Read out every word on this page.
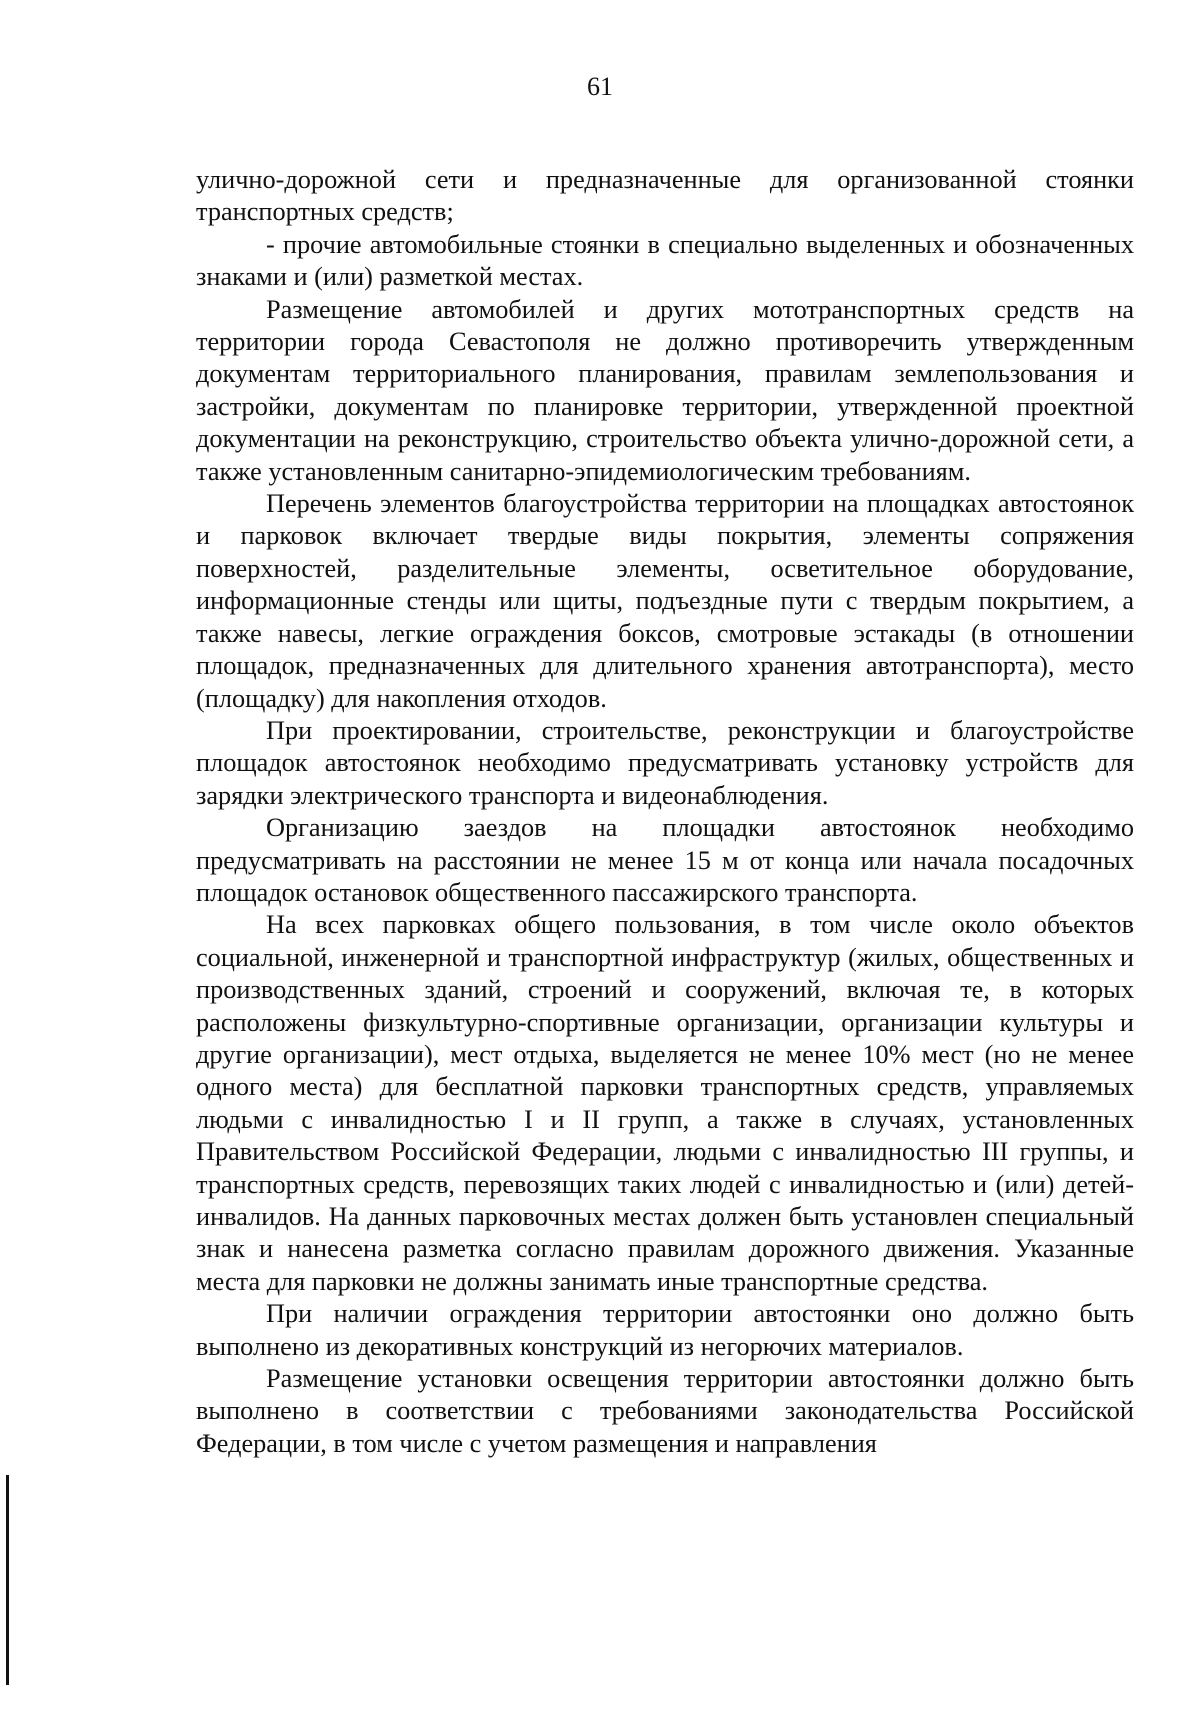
61

улично-дорожной сети и предназначенные для организованной стоянки транспортных средств;

- прочие автомобильные стоянки в специально выделенных и обозначенных знаками и (или) разметкой местах.

Размещение автомобилей и других мототранспортных средств на территории города Севастополя не должно противоречить утвержденным документам территориального планирования, правилам землепользования и застройки, документам по планировке территории, утвержденной проектной документации на реконструкцию, строительство объекта улично-дорожной сети, а также установленным санитарно-эпидемиологическим требованиям.

Перечень элементов благоустройства территории на площадках автостоянок и парковок включает твердые виды покрытия, элементы сопряжения поверхностей, разделительные элементы, осветительное оборудование, информационные стенды или щиты, подъездные пути с твердым покрытием, а также навесы, легкие ограждения боксов, смотровые эстакады (в отношении площадок, предназначенных для длительного хранения автотранспорта), место (площадку) для накопления отходов.

При проектировании, строительстве, реконструкции и благоустройстве площадок автостоянок необходимо предусматривать установку устройств для зарядки электрического транспорта и видеонаблюдения.

Организацию заездов на площадки автостоянок необходимо предусматривать на расстоянии не менее 15 м от конца или начала посадочных площадок остановок общественного пассажирского транспорта.

На всех парковках общего пользования, в том числе около объектов социальной, инженерной и транспортной инфраструктур (жилых, общественных и производственных зданий, строений и сооружений, включая те, в которых расположены физкультурно-спортивные организации, организации культуры и другие организации), мест отдыха, выделяется не менее 10% мест (но не менее одного места) для бесплатной парковки транспортных средств, управляемых людьми с инвалидностью I и II групп, а также в случаях, установленных Правительством Российской Федерации, людьми с инвалидностью III группы, и транспортных средств, перевозящих таких людей с инвалидностью и (или) детей-инвалидов. На данных парковочных местах должен быть установлен специальный знак и нанесена разметка согласно правилам дорожного движения. Указанные места для парковки не должны занимать иные транспортные средства.

При наличии ограждения территории автостоянки оно должно быть выполнено из декоративных конструкций из негорючих материалов.

Размещение установки освещения территории автостоянки должно быть выполнено в соответствии с требованиями законодательства Российской Федерации, в том числе с учетом размещения и направления
